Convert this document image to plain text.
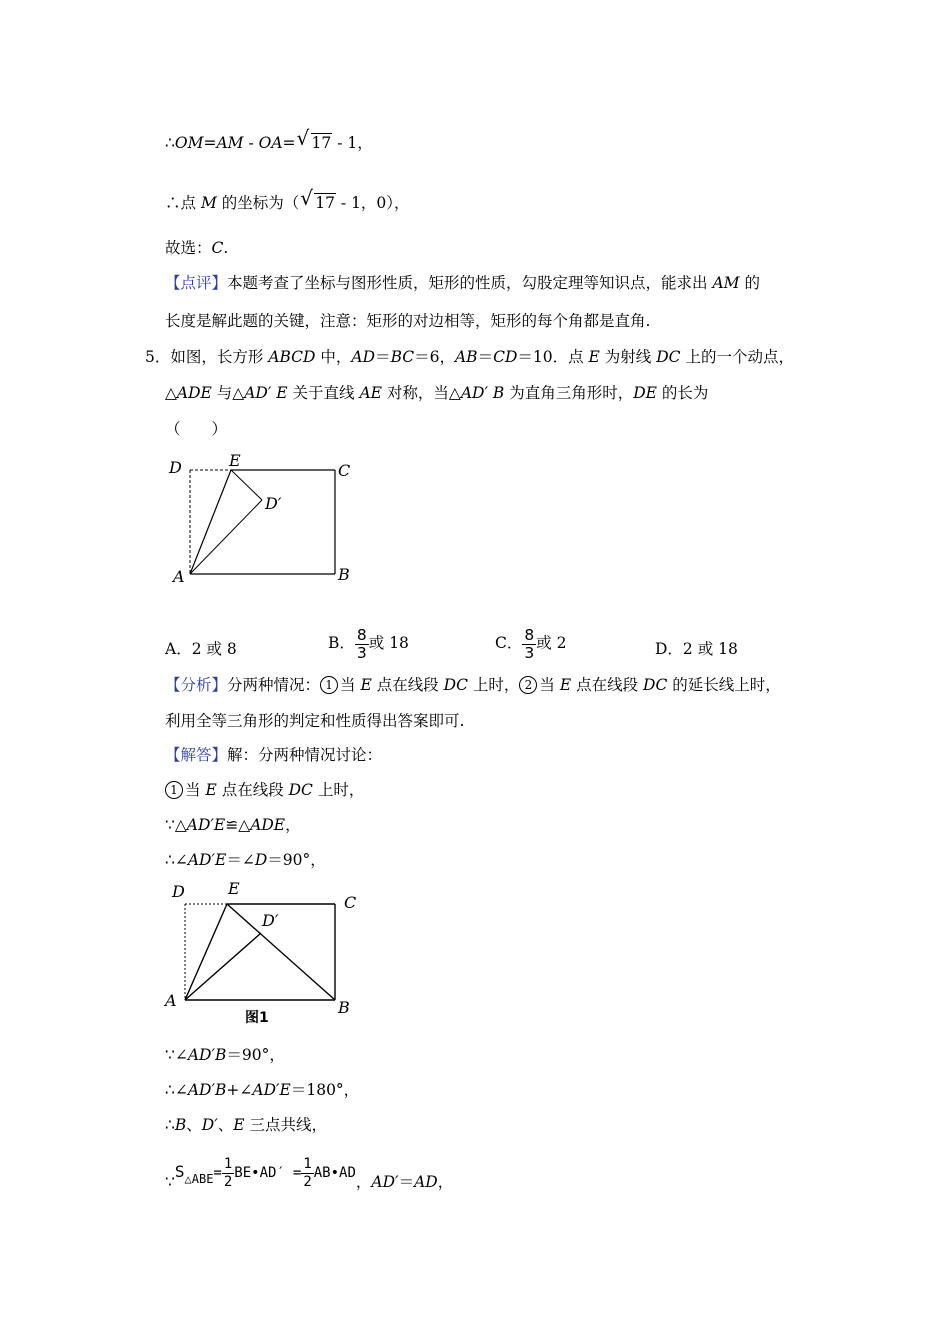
∴OM=AM - OA= √ 17 - 1，
∴点 M 的坐标为（ √ 17 - 1，0），
故选：C.
【点评】本题考查了坐标与图形性质，矩形的性质，勾股定理等知识点，能求出 AM 的
长度是解此题的关键，注意：矩形的对边相等，矩形的每个角都是直角.
5．如图，长方形 ABCD 中，AD＝BC＝6，AB＝CD＝10．点 E 为射线 DC 上的一个动点，
△ADE 与△AD′ E 关于直线 AE 对称，当△AD′ B 为直角三角形时，DE 的长为
（　　）
D	E
C
D′
A	B
A．2 或 8	B． $\frac{8}{3}$ 或 18	C． $\frac{8}{3}$ 或 2	D．2 或 18
【分析】分两种情况： 1 当 E 点在线段 DC 上时， 2 当 E 点在线段 DC 的延长线上时，
利用全等三角形的判定和性质得出答案即可.
【解答】解：分两种情况讨论：
1 当 E 点在线段 DC 上时，
∵△AD′E≌△ADE，
∴∠AD′E＝∠D＝90°，
D	E
D′
C
A	B
图1
∵∠AD′B＝90°，
∴∠AD′B+∠AD′E＝180°，
∴B、D′、E 三点共线，
$\because S_{\triangle ABE}= \frac{1}{2}$ BE•AD′ = $\frac{1}{2}$ AB•AD，AD′＝AD，
